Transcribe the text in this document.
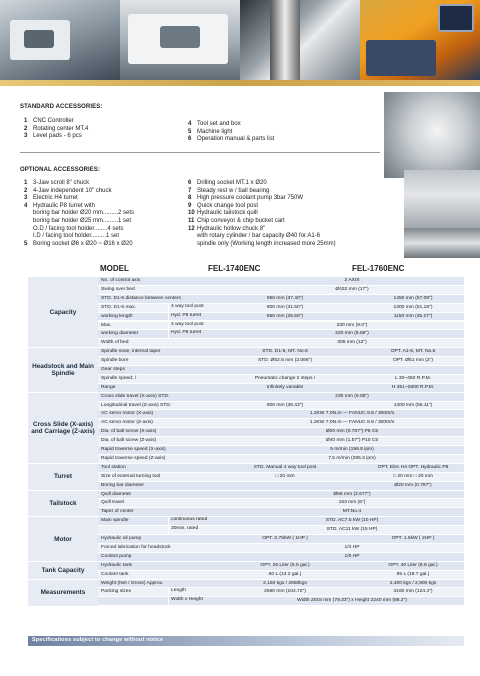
STANDARD ACCESSORIES:
1 CNC Controller
2 Rotating center MT.4
3 Level pads - 6 pcs
4 Tool set and box
5 Machine light
6 Operation manual & parts list
OPTIONAL ACCESSORIES:
1 3-Jaw scroll 8" chuck
2 4-Jaw independent 10" chuck
3 Electric H4 turret
4 Hydraulic P8 turret with
boring bar holder Ø20 mm.........2 sets
boring bar holder Ø25 mm.........1 set
O.D / facing tool holder........4 sets
I.D / facing tool holder.........1 set
5 Boring socket Ø6 x Ø20 ~ Ø16 x Ø20
6 Drilling socket MT.1 x Ø20
7 Steady rest w / ball bearing
8 High pressure coolant pump 3bar 750W
9 Quick change tool post
10 Hydraulic tailstock quill
11 Chip conveyor & chip bucket cart
12 Hydraulic hollow chuck 8"
with rotary cylinder / bar capacity Ø40 for A1-6
spindle only (Working length increased more 25mm)
MODEL	FEL-1740ENC	FEL-1760ENC
Capacity
No. of control axis	2 AXIS
Swing over bed	Ø432 mm (17")
STD. D1-6 distance between centers	950 mm (37.40")	1450 mm (57.08")
STD. D1-6 max.	4 way tool post	800 mm (31.50")	1300 mm (51.18")
working length	Hyd. P8 turret	650 mm (25.59")	1150 mm (45.27")
Max.	4 way tool post	230 mm (9.0")
working diameter	Hyd. P8 turret	220 mm (8.66")
Width of bed	305 mm (12")
Headstock and Main Spindle
Spindle nose, internal taper	STD. D1-6, MT. No.6	OPT. A1-6, MT. No.6
Spindle bore	STD. Ø52.5 mm (2.066")	OPT. Ø51 mm (2")
Gear steps
Spindle speed: /	Pneumatic change 2 steps /	L 30~450 R.P.M.
Range	Infinitely variable	H 451~2800 R.P.M.
Cross Slide (X-axis) and Carriage (Z-axis)
Cross slide travel (X-axis) STD.	230 mm (9.05")
Longitudinal travel (Z-axis) STD.	900 mm (35.43")	1400 mm (55.11")
AC servo motor (X-axis)	1.2KW 7.0N.m — FANUC 8.8 / 3000r/s
AC servo motor (Z-axis)	1.2KW 7.0N.m — FANUC 8.8 / 3000r/s
Dia. of ball screw (X-axis)	Ø20 mm (0.787") P5 C5
Dia. of ball screw (Z-axis)	Ø40 mm (1.57") P10 C5
Rapid traverse speed (X-axis)	5 m/min (196.8 ipm)
Rapid traverse speed (Z-axis)	7.5 m/min (295.3 ipm)
Turret
Tool station	STD. Manual 4 way tool post	OPT. Elec H4 OPT. Hydraulic P8
Size of external turning tool	□ 20 mm	□ 20 mm □ 20 mm
Boring bar diameter	Ø20 mm (0.787")
Tailstock
Quill diameter	Ø68 mm (2.677")
Quill travel	153 mm (6")
Taper of center	MT.No.4
Motor
Main spindle	continuous rated	STD. AC7.5 kW (10 HP)
30min. rated	STD. AC11 kW (15 HP)
Hydraulic oil pump	OPT. 0.75kW ( 1HP )	OPT. 1.5kW ( 2HP )
Forced lubrication for headstock	1/4 HP
Coolant pump	1/6 HP
Tank Capacity
Hydraulic tank	OPT. 25 Liter (5.5 gal.)	OPT. 40 Liter (8.8 gal.)
Coolant tank	60 L (13.2 gal.)	85 L (18.7 gal.)
Measurements
Weight (Net / Gross) Approx.	2,150 kgs / 2650kgs	2,400 kgs / 2,900 kgs
Packing sizes	Length	2660 mm (104.72")	3160 mm (124.4")
Width x Height	Width 2015 mm (79.33") x Height 2240 mm (88.2")
Specifications subject to change without notice
